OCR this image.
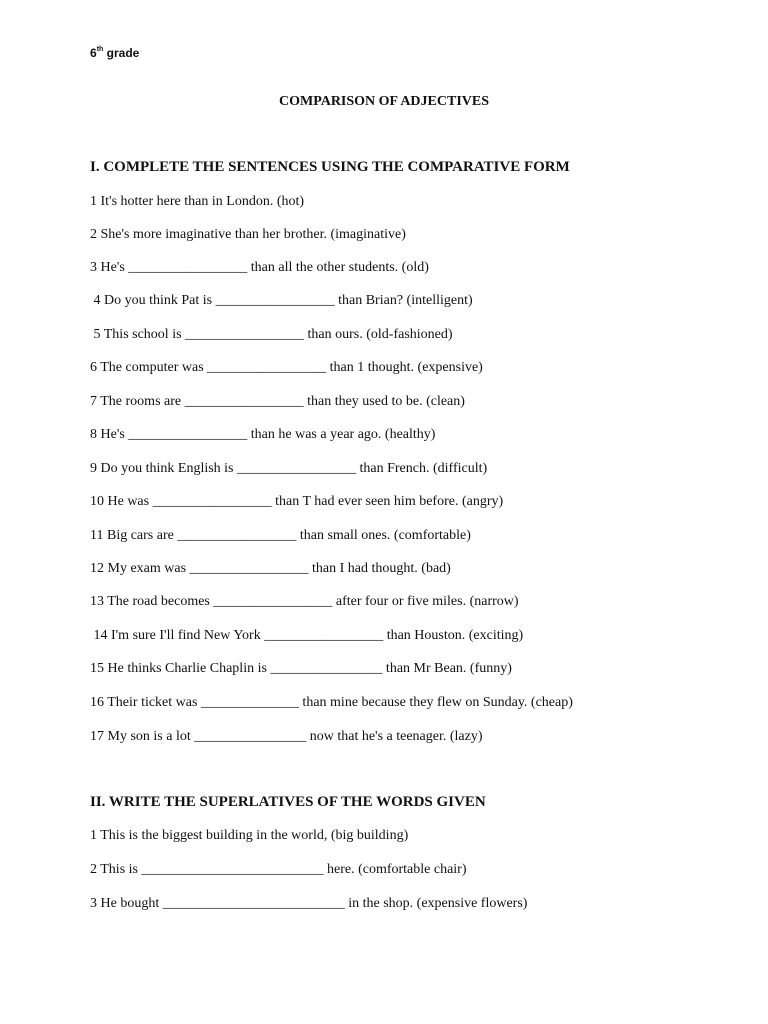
6th grade
COMPARISON OF ADJECTIVES
I. COMPLETE THE SENTENCES USING THE COMPARATIVE FORM
1 It's hotter here than in London. (hot)
2 She's more imaginative than her brother. (imaginative)
3 He's _________________ than all the other students. (old)
4 Do you think Pat is _________________ than Brian? (intelligent)
5 This school is _________________ than ours. (old-fashioned)
6 The computer was _________________ than 1 thought. (expensive)
7 The rooms are _________________ than they used to be. (clean)
8 He's _________________ than he was a year ago. (healthy)
9 Do you think English is _________________ than French. (difficult)
10 He was _________________ than T had ever seen him before. (angry)
11 Big cars are _________________ than small ones. (comfortable)
12 My exam was _________________ than I had thought. (bad)
13 The road becomes _________________ after four or five miles. (narrow)
14 I'm sure I'll find New York _________________ than Houston. (exciting)
15 He thinks Charlie Chaplin is ________________ than Mr Bean. (funny)
16 Their ticket was ______________ than mine because they flew on Sunday. (cheap)
17 My son is a lot ________________ now that he's a teenager. (lazy)
II. WRITE THE SUPERLATIVES OF THE WORDS GIVEN
1 This is the biggest building in the world, (big building)
2 This is __________________________ here. (comfortable chair)
3 He bought __________________________ in the shop. (expensive flowers)
